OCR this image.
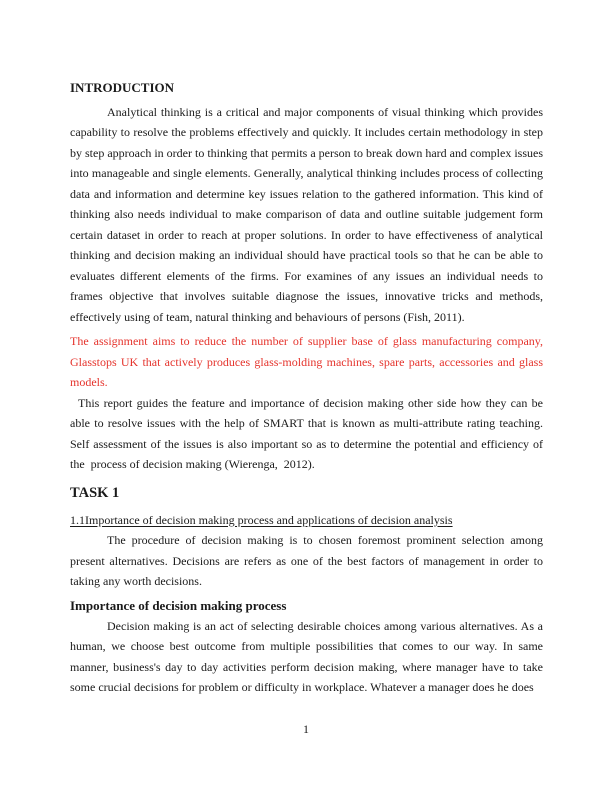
INTRODUCTION

Analytical thinking is a critical and major components of visual thinking which provides capability to resolve the problems effectively and quickly. It includes certain methodology in step by step approach in order to thinking that permits a person to break down hard and complex issues into manageable and single elements. Generally, analytical thinking includes process of collecting data and information and determine key issues relation to the gathered information. This kind of thinking also needs individual to make comparison of data and outline suitable judgement form certain dataset in order to reach at proper solutions. In order to have effectiveness of analytical thinking and decision making an individual should have practical tools so that he can be able to evaluates different elements of the firms. For examines of any issues an individual needs to frames objective that involves suitable diagnose the issues, innovative tricks and methods, effectively using of team, natural thinking and behaviours of persons (Fish, 2011).

The assignment aims to reduce the number of supplier base of glass manufacturing company, Glasstops UK that actively produces glass-molding machines, spare parts, accessories and glass models.

This report guides the feature and importance of decision making other side how they can be able to resolve issues with the help of SMART that is known as multi-attribute rating teaching. Self assessment of the issues is also important so as to determine the potential and efficiency of the  process of decision making (Wierenga,  2012).

TASK 1
1.1Importance of decision making process and applications of decision analysis

The procedure of decision making is to chosen foremost prominent selection among present alternatives. Decisions are refers as one of the best factors of management in order to taking any worth decisions.

Importance of decision making process

Decision making is an act of selecting desirable choices among various alternatives. As a human, we choose best outcome from multiple possibilities that comes to our way. In same manner, business's day to day activities perform decision making, where manager have to take some crucial decisions for problem or difficulty in workplace. Whatever a manager does he does

1
